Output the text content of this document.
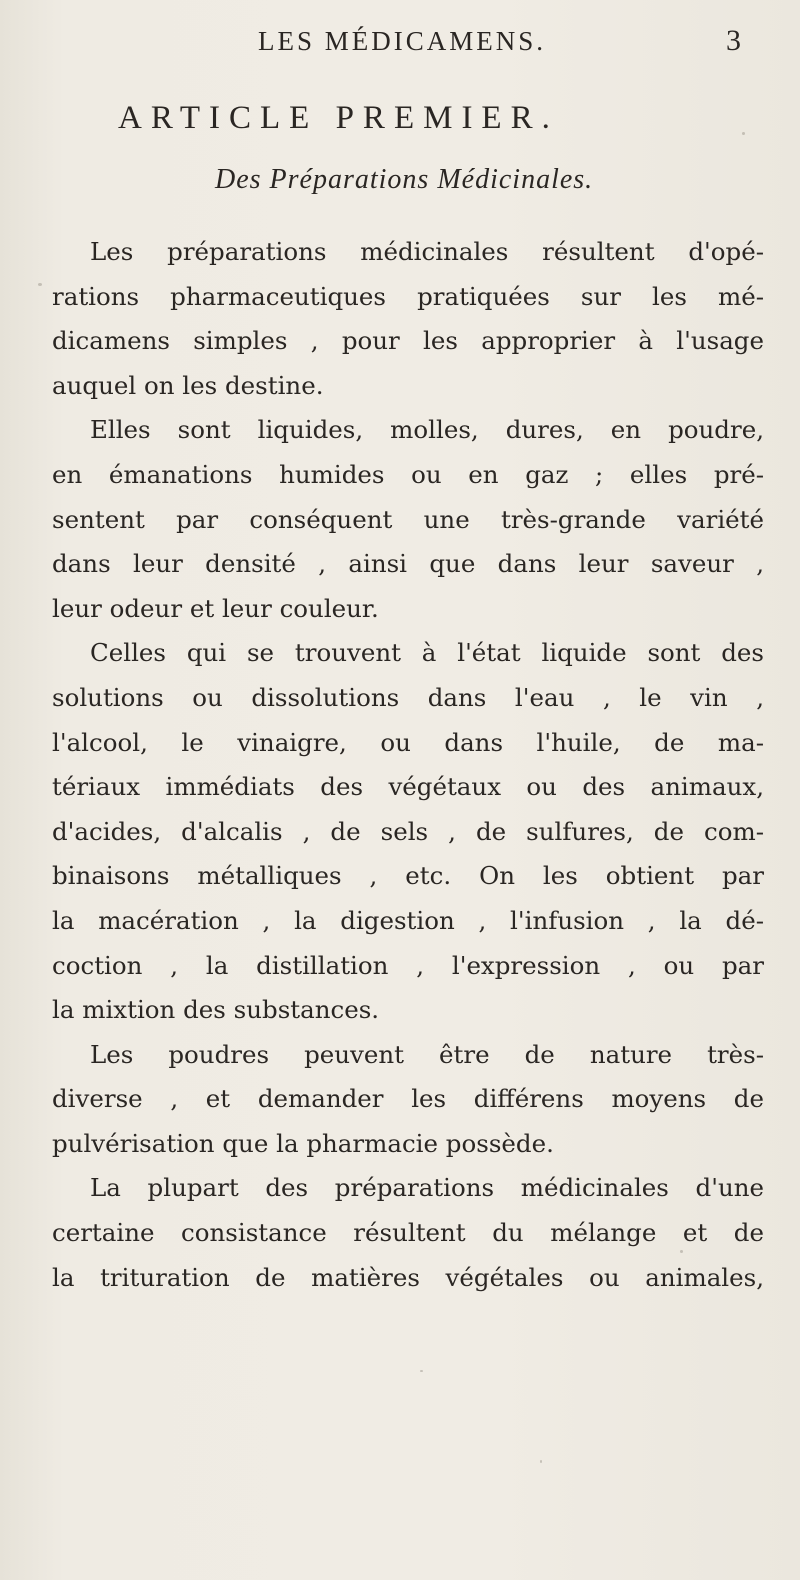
LES MÉDICAMENS.	3
ARTICLE PREMIER.
Des Préparations Médicinales.
Les préparations médicinales résultent d'opé-
rations pharmaceutiques pratiquées sur les mé-
dicamens simples , pour les approprier à l'usage
auquel on les destine.
Elles sont liquides, molles, dures, en poudre,
en émanations humides ou en gaz ; elles pré-
sentent par conséquent une très-grande variété
dans leur densité , ainsi que dans leur saveur ,
leur odeur et leur couleur.
Celles qui se trouvent à l'état liquide sont des
solutions ou dissolutions dans l'eau , le vin ,
l'alcool, le vinaigre, ou dans l'huile, de ma-
tériaux immédiats des végétaux ou des animaux,
d'acides, d'alcalis , de sels , de sulfures, de com-
binaisons métalliques , etc. On les obtient par
la macération , la digestion , l'infusion , la dé-
coction , la distillation , l'expression , ou par
la mixtion des substances.
Les poudres peuvent être de nature très-
diverse , et demander les différens moyens de
pulvérisation que la pharmacie possède.
La plupart des préparations médicinales d'une
certaine consistance résultent du mélange et de
la trituration de matières végétales ou animales,
